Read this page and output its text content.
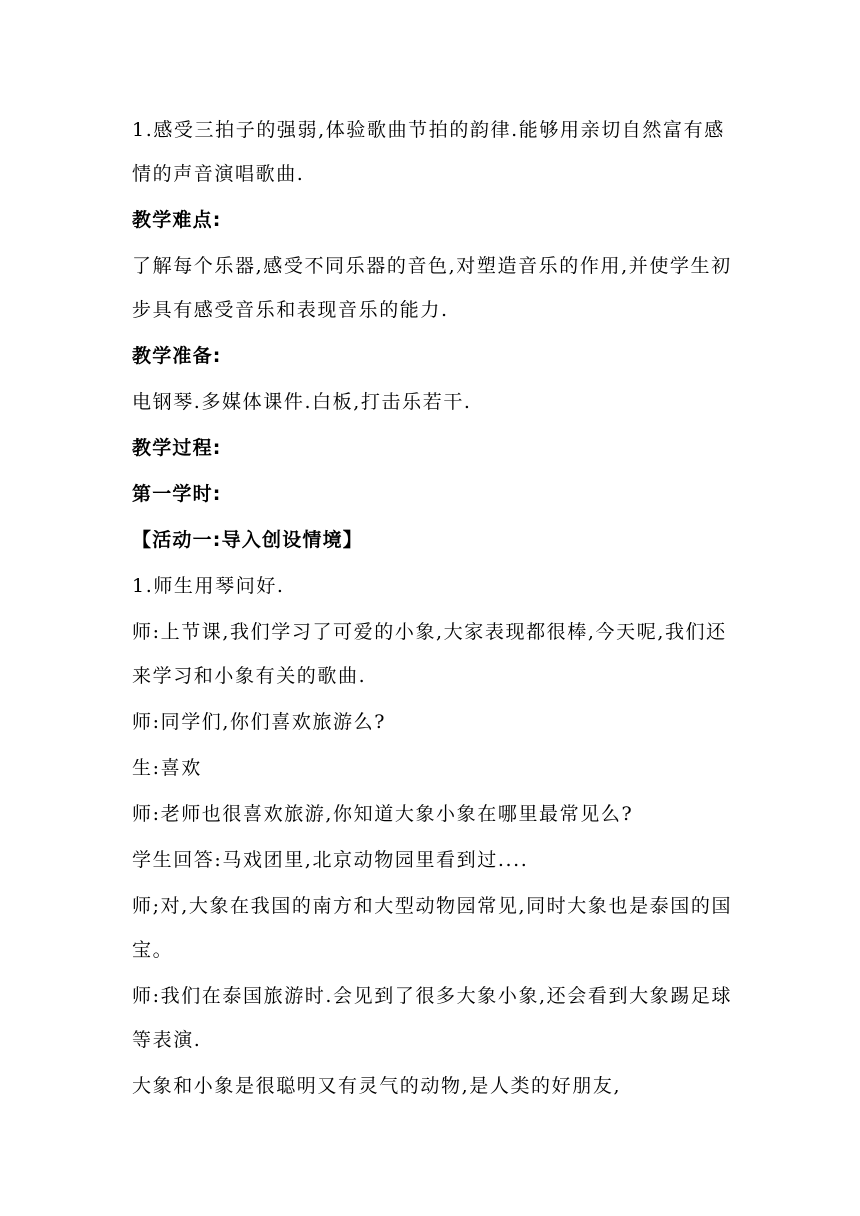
1.感受三拍子的强弱,体验歌曲节拍的韵律.能够用亲切自然富有感
情的声音演唱歌曲.
教学难点:
了解每个乐器,感受不同乐器的音色,对塑造音乐的作用,并使学生初
步具有感受音乐和表现音乐的能力.
教学准备:
电钢琴.多媒体课件.白板,打击乐若干.
教学过程:
第一学时:
【活动一:导入创设情境】
1.师生用琴问好.
师:上节课,我们学习了可爱的小象,大家表现都很棒,今天呢,我们还
来学习和小象有关的歌曲.
师:同学们,你们喜欢旅游么?
生:喜欢
师:老师也很喜欢旅游,你知道大象小象在哪里最常见么?
学生回答:马戏团里,北京动物园里看到过....
师;对,大象在我国的南方和大型动物园常见,同时大象也是泰国的国
宝。
师:我们在泰国旅游时.会见到了很多大象小象,还会看到大象踢足球
等表演.
大象和小象是很聪明又有灵气的动物,是人类的好朋友,
